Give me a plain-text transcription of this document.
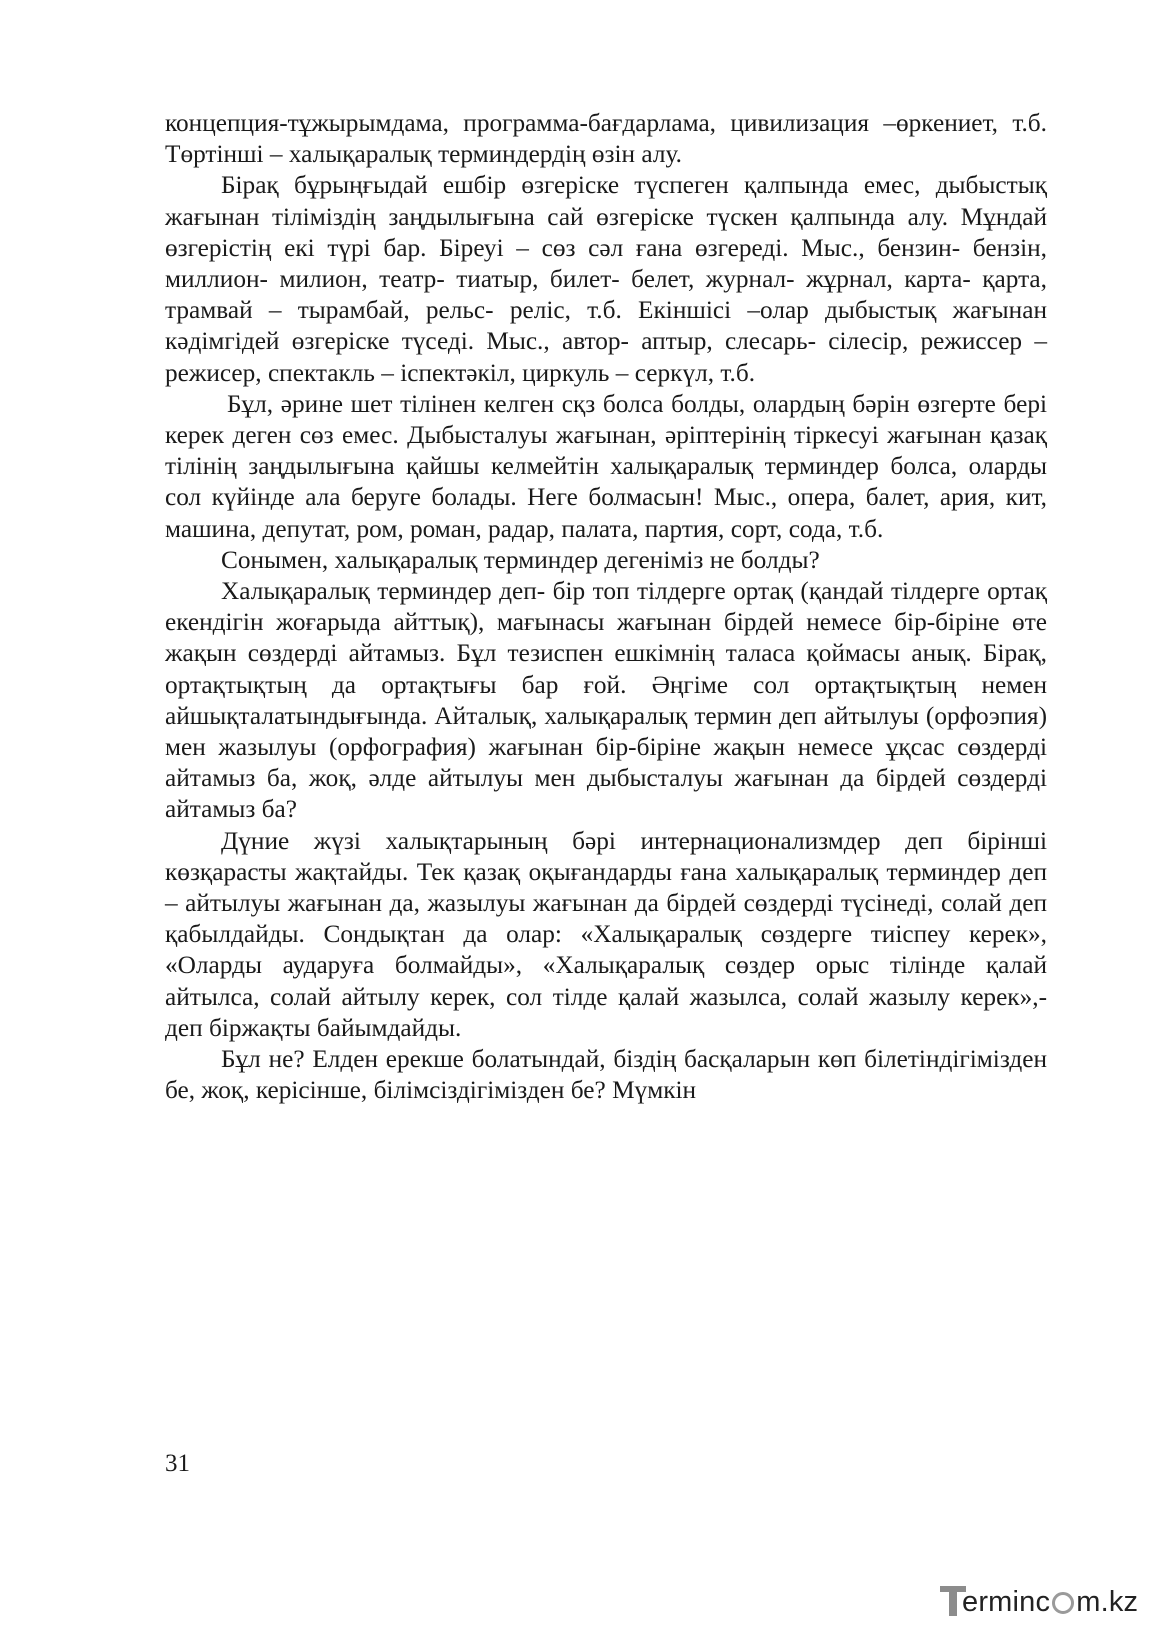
концепция-тұжырымдама, программа-бағдарлама, цивилизация –өркениет, т.б. Төртінші – халықаралық терминдердің өзін алу.

Бірақ бұрыңғыдай ешбір өзгеріске түспеген қалпында емес, дыбыстық жағынан тіліміздің заңдылығына сай өзгеріске түскен қалпында алу. Мұндай өзгерістің екі түрі бар. Біреуі – сөз сәл ғана өзгереді. Мыс., бензин- бензін, миллион- милион, театр- тиатыр, билет- белет, журнал- жұрнал, карта- қарта, трамвай – тырамбай, рельс- реліс, т.б. Екіншісі –олар дыбыстық жағынан кәдімгідей өзгеріске түседі. Мыс., автор- аптыр, слесарь- сілесір, режиссер – режисер, спектакль – іспектәкіл, циркуль – серкүл, т.б.

Бұл, әрине шет тілінен келген сқз болса болды, олардың бәрін өзгерте бері керек деген сөз емес. Дыбысталуы жағынан, әріптерінің тіркесуі жағынан қазақ тілінің заңдылығына қайшы келмейтін халықаралық терминдер болса, оларды сол күйінде ала беруге болады. Неге болмасын! Мыс., опера, балет, ария, кит, машина, депутат, ром, роман, радар, палата, партия, сорт, сода, т.б.

Сонымен, халықаралық терминдер дегеніміз не болды?

Халықаралық терминдер деп- бір топ тілдерге ортақ (қандай тілдерге ортақ екендігін жоғарыда айттық), мағынасы жағынан бірдей немесе бір-біріне өте жақын сөздерді айтамыз. Бұл тезиспен ешкімнің таласа қоймасы анық. Бірақ, ортақтықтың да ортақтығы бар ғой. Әңгіме сол ортақтықтың немен айшықталатындығында. Айталық, халықаралық термин деп айтылуы (орфоэпия) мен жазылуы (орфография) жағынан бір-біріне жақын немесе ұқсас сөздерді айтамыз ба, жоқ, әлде айтылуы мен дыбысталуы жағынан да бірдей сөздерді айтамыз ба?

Дүние жүзі халықтарының бәрі интернационализмдер деп бірінші көзқарасты жақтайды. Тек қазақ оқығандарды ғана халықаралық терминдер деп – айтылуы жағынан да, жазылуы жағынан да бірдей сөздерді түсінеді, солай деп қабылдайды. Сондықтан да олар: «Халықаралық сөздерге тиіспеу керек», «Оларды аударуға болмайды», «Халықаралық сөздер орыс тілінде қалай айтылса, солай айтылу керек, сол тілде қалай жазылса, солай жазылу керек»,- деп біржақты байымдайды.

Бұл не? Елден ерекше болатындай, біздің басқаларын көп білетіндігімізден бе, жоқ, керісінше, білімсіздігімізден бе? Мүмкін

31
erminc m.kz
